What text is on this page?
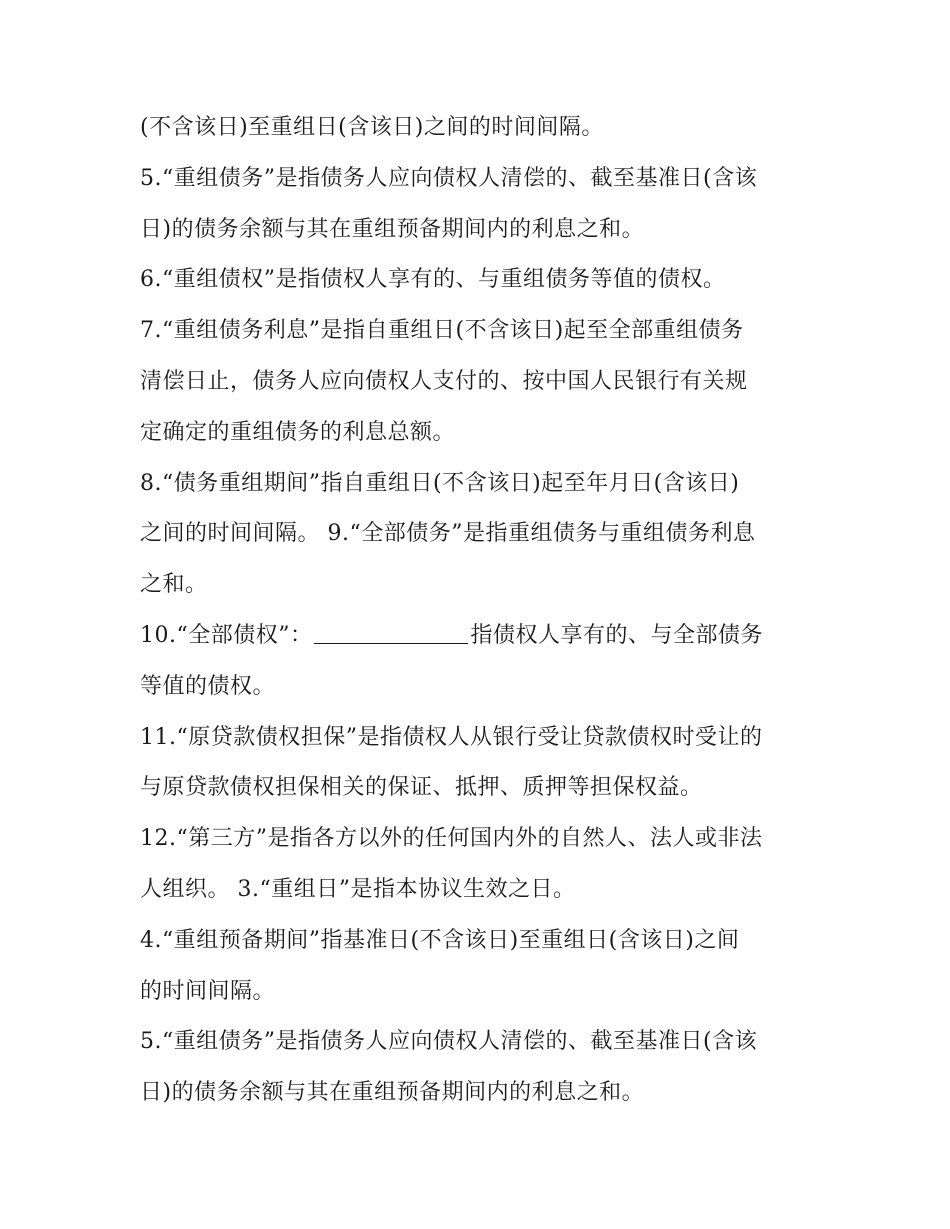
(不含该日)至重组日(含该日)之间的时间间隔。
5.“重组债务”是指债务人应向债权人清偿的、截至基准日(含该
日)的债务余额与其在重组预备期间内的利息之和。
6.“重组债权”是指债权人享有的、与重组债务等值的债权。
7.“重组债务利息”是指自重组日(不含该日)起至全部重组债务
清偿日止，债务人应向债权人支付的、按中国人民银行有关规
定确定的重组债务的利息总额。
8.“债务重组期间”指自重组日(不含该日)起至年月日(含该日)
之间的时间间隔。 9.“全部债务”是指重组债务与重组债务利息
之和。
10.“全部债权”：	指债权人享有的、与全部债务
等值的债权。
11.“原贷款债权担保”是指债权人从银行受让贷款债权时受让的
与原贷款债权担保相关的保证、抵押、质押等担保权益。
12.“第三方”是指各方以外的任何国内外的自然人、法人或非法
人组织。 3.“重组日”是指本协议生效之日。
4.“重组预备期间”指基准日(不含该日)至重组日(含该日)之间
的时间间隔。
5.“重组债务”是指债务人应向债权人清偿的、截至基准日(含该
日)的债务余额与其在重组预备期间内的利息之和。
